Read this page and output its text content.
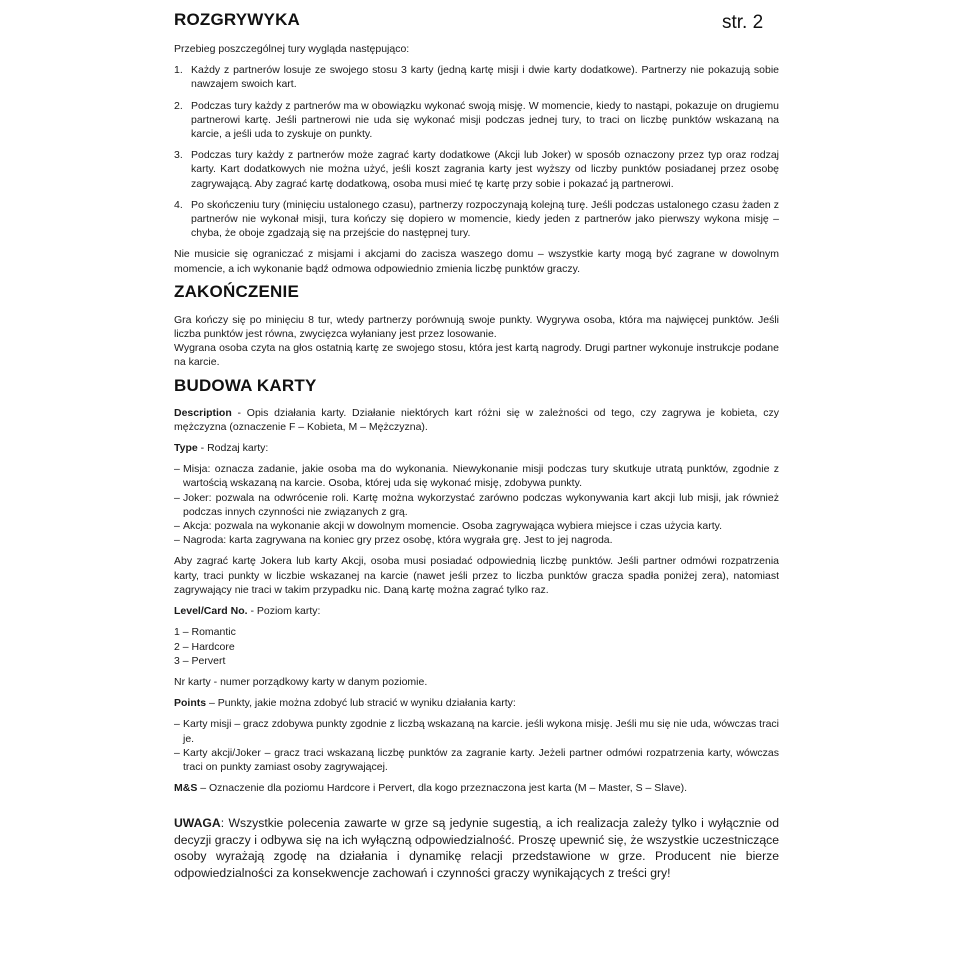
str. 2
ROZGRYWYKA

Przebieg poszczególnej tury wygląda następująco:

1. Każdy z partnerów losuje ze swojego stosu 3 karty (jedną kartę misji i dwie karty dodatkowe). Partnerzy nie pokazują sobie nawzajem swoich kart.
2. Podczas tury każdy z partnerów ma w obowiązku wykonać swoją misję. W momencie, kiedy to nastąpi, pokazuje on drugiemu partnerowi kartę. Jeśli partnerowi nie uda się wykonać misji podczas jednej tury, to traci on liczbę punktów wskazaną na karcie, a jeśli uda to zyskuje on punkty.
3. Podczas tury każdy z partnerów może zagrać karty dodatkowe (Akcji lub Joker) w sposób oznaczony przez typ oraz rodzaj karty. Kart dodatkowych nie można użyć, jeśli koszt zagrania karty jest wyższy od liczby punktów posiadanej przez osobę zagrywającą. Aby zagrać kartę dodatkową, osoba musi mieć tę kartę przy sobie i pokazać ją partnerowi.
4. Po skończeniu tury (minięciu ustalonego czasu), partnerzy rozpoczynają kolejną turę. Jeśli podczas ustalonego czasu żaden z partnerów nie wykonał misji, tura kończy się dopiero w momencie, kiedy jeden z partnerów jako pierwszy wykona misję – chyba, że oboje zgadzają się na przejście do następnej tury.

Nie musicie się ograniczać z misjami i akcjami do zacisza waszego domu – wszystkie karty mogą być zagrane w dowolnym momencie, a ich wykonanie bądź odmowa odpowiednio zmienia liczbę punktów graczy.

ZAKOŃCZENIE

Gra kończy się po minięciu 8 tur, wtedy partnerzy porównują swoje punkty. Wygrywa osoba, która ma najwięcej punktów. Jeśli liczba punktów jest równa, zwycięzca wyłaniany jest przez losowanie.

Wygrana osoba czyta na głos ostatnią kartę ze swojego stosu, która jest kartą nagrody. Drugi partner wykonuje instrukcje podane na karcie.

BUDOWA KARTY

Description - Opis działania karty. Działanie niektórych kart różni się w zależności od tego, czy zagrywa je kobieta, czy mężczyzna (oznaczenie F – Kobieta, M – Mężczyzna).

Type - Rodzaj karty:

– Misja: oznacza zadanie, jakie osoba ma do wykonania. Niewykonanie misji podczas tury skutkuje utratą punktów, zgodnie z wartością wskazaną na karcie. Osoba, której uda się wykonać misję, zdobywa punkty.
– Joker: pozwala na odwrócenie roli. Kartę można wykorzystać zarówno podczas wykonywania kart akcji lub misji, jak również podczas innych czynności nie związanych z grą.
– Akcja: pozwala na wykonanie akcji w dowolnym momencie. Osoba zagrywająca wybiera miejsce i czas użycia karty.
– Nagroda: karta zagrywana na koniec gry przez osobę, która wygrała grę. Jest to jej nagroda.

Aby zagrać kartę Jokera lub karty Akcji, osoba musi posiadać odpowiednią liczbę punktów. Jeśli partner odmówi rozpatrzenia karty, traci punkty w liczbie wskazanej na karcie (nawet jeśli przez to liczba punktów gracza spadła poniżej zera), natomiast zagrywający nie traci w takim przypadku nic. Daną kartę można zagrać tylko raz.

Level/Card No. - Poziom karty:

1 – Romantic
2 – Hardcore
3 – Pervert

Nr karty - numer porządkowy karty w danym poziomie.

Points – Punkty, jakie można zdobyć lub stracić w wyniku działania karty:

– Karty misji – gracz zdobywa punkty zgodnie z liczbą wskazaną na karcie. jeśli wykona misję. Jeśli mu się nie uda, wówczas traci je.
– Karty akcji/Joker – gracz traci wskazaną liczbę punktów za zagranie karty. Jeżeli partner odmówi rozpatrzenia karty, wówczas traci on punkty zamiast osoby zagrywającej.

M&S – Oznaczenie dla poziomu Hardcore i Pervert, dla kogo przeznaczona jest karta (M – Master, S – Slave).

UWAGA: Wszystkie polecenia zawarte w grze są jedynie sugestią, a ich realizacja zależy tylko i wyłącznie od decyzji graczy i odbywa się na ich wyłączną odpowiedzialność. Proszę upewnić się, że wszystkie uczestniczące osoby wyrażają zgodę na działania i dynamikę relacji przedstawione w grze. Producent nie bierze odpowiedzialności za konsekwencje zachowań i czynności graczy wynikających z treści gry!
